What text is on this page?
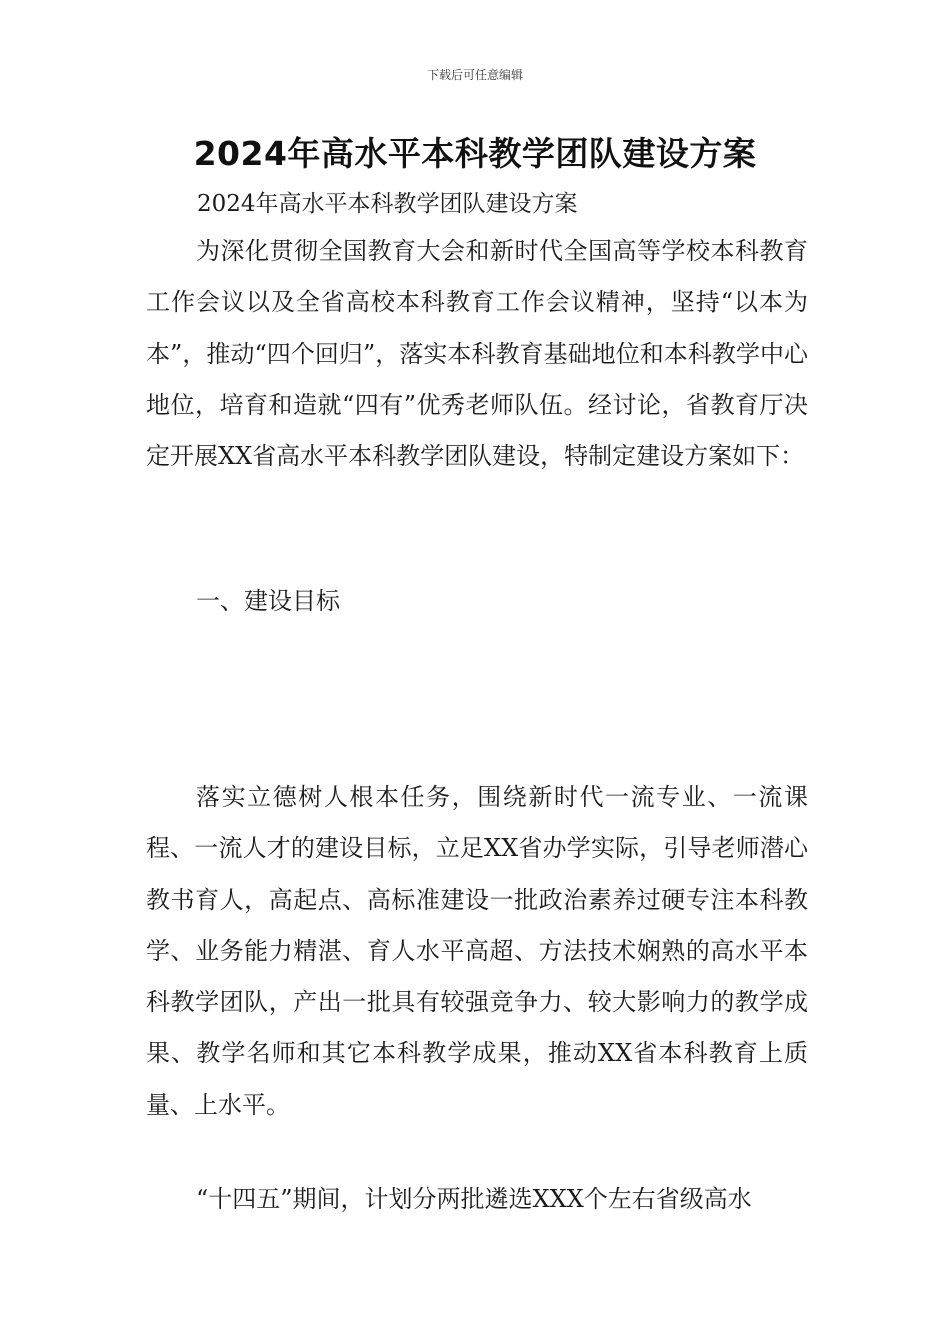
下载后可任意编辑
2024年高水平本科教学团队建设方案
2024年高水平本科教学团队建设方案

为深化贯彻全国教育大会和新时代全国高等学校本科教育工作会议以及全省高校本科教育工作会议精神，坚持“以本为本”，推动“四个回归”，落实本科教育基础地位和本科教学中心地位，培育和造就“四有”优秀老师队伍。经讨论，省教育厅决定开展XX省高水平本科教学团队建设，特制定建设方案如下：

一、建设目标

落实立德树人根本任务，围绕新时代一流专业、一流课程、一流人才的建设目标，立足XX省办学实际，引导老师潜心教书育人，高起点、高标准建设一批政治素养过硬专注本科教学、业务能力精湛、育人水平高超、方法技术娴熟的高水平本科教学团队，产出一批具有较强竞争力、较大影响力的教学成果、教学名师和其它本科教学成果，推动XX省本科教育上质量、上水平。

“十四五”期间，计划分两批遴选XXX个左右省级高水
